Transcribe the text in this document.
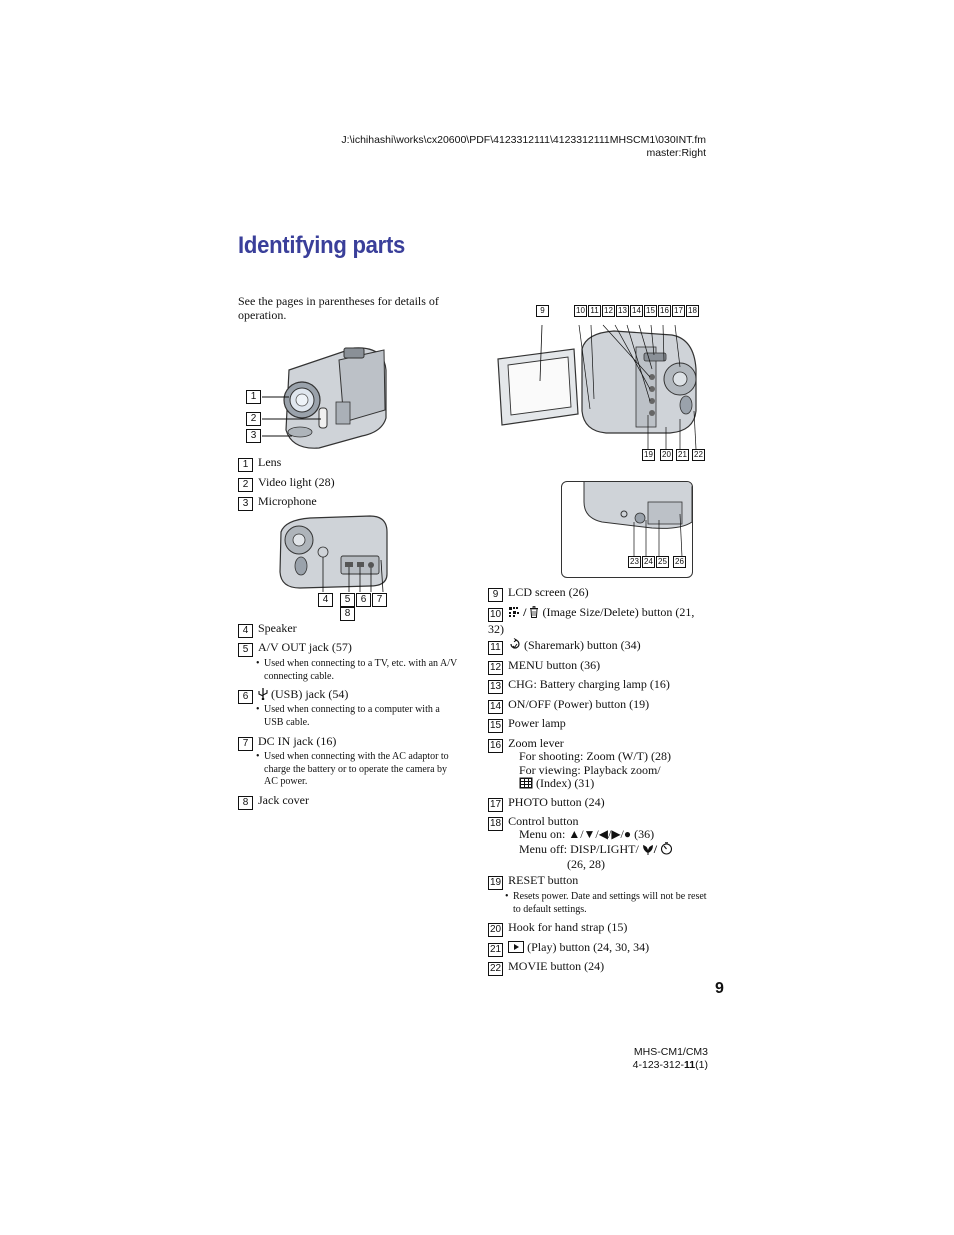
J:\ichihashi\works\cx20600\PDF\4123312111\4123312111MHSCM1\030INT.fm
master:Right
Identifying parts
See the pages in parentheses for details of operation.
1
2
3
1 Lens
2 Video light (28)
3 Microphone
4	5 6 78
4 Speaker
5 A/V OUT jack (57)
• Used when connecting to a TV, etc. with an A/V connecting cable.
6 (USB) jack (54)
• Used when connecting to a computer with a USB cable.
7 DC IN jack (16)
• Used when connecting with the AC adaptor to charge the battery or to operate the camera by AC power.
8 Jack cover
9	10 11 12 13 14 15 16 17 18
19	20 21 22
23 24 25	26
9 LCD screen (26)
10 / (Image Size/Delete) button (21, 32)
11 (Sharemark) button (34)
12 MENU button (36)
13 CHG: Battery charging lamp (16)
14 ON/OFF (Power) button (19)
15 Power lamp
16 Zoom lever
For shooting: Zoom (W/T) (28)
For viewing: Playback zoom/
(Index) (31)
17 PHOTO button (24)
18 Control button
Menu on: ▲/▼/◀/▶/● (36)
Menu off: DISP/LIGHT/ /
(26, 28)
19 RESET button
• Resets power. Date and settings will not be reset to default settings.
20 Hook for hand strap (15)
21 (Play) button (24, 30, 34)
22 MOVIE button (24)
9
MHS-CM1/CM3
4-123-312-11(1)
